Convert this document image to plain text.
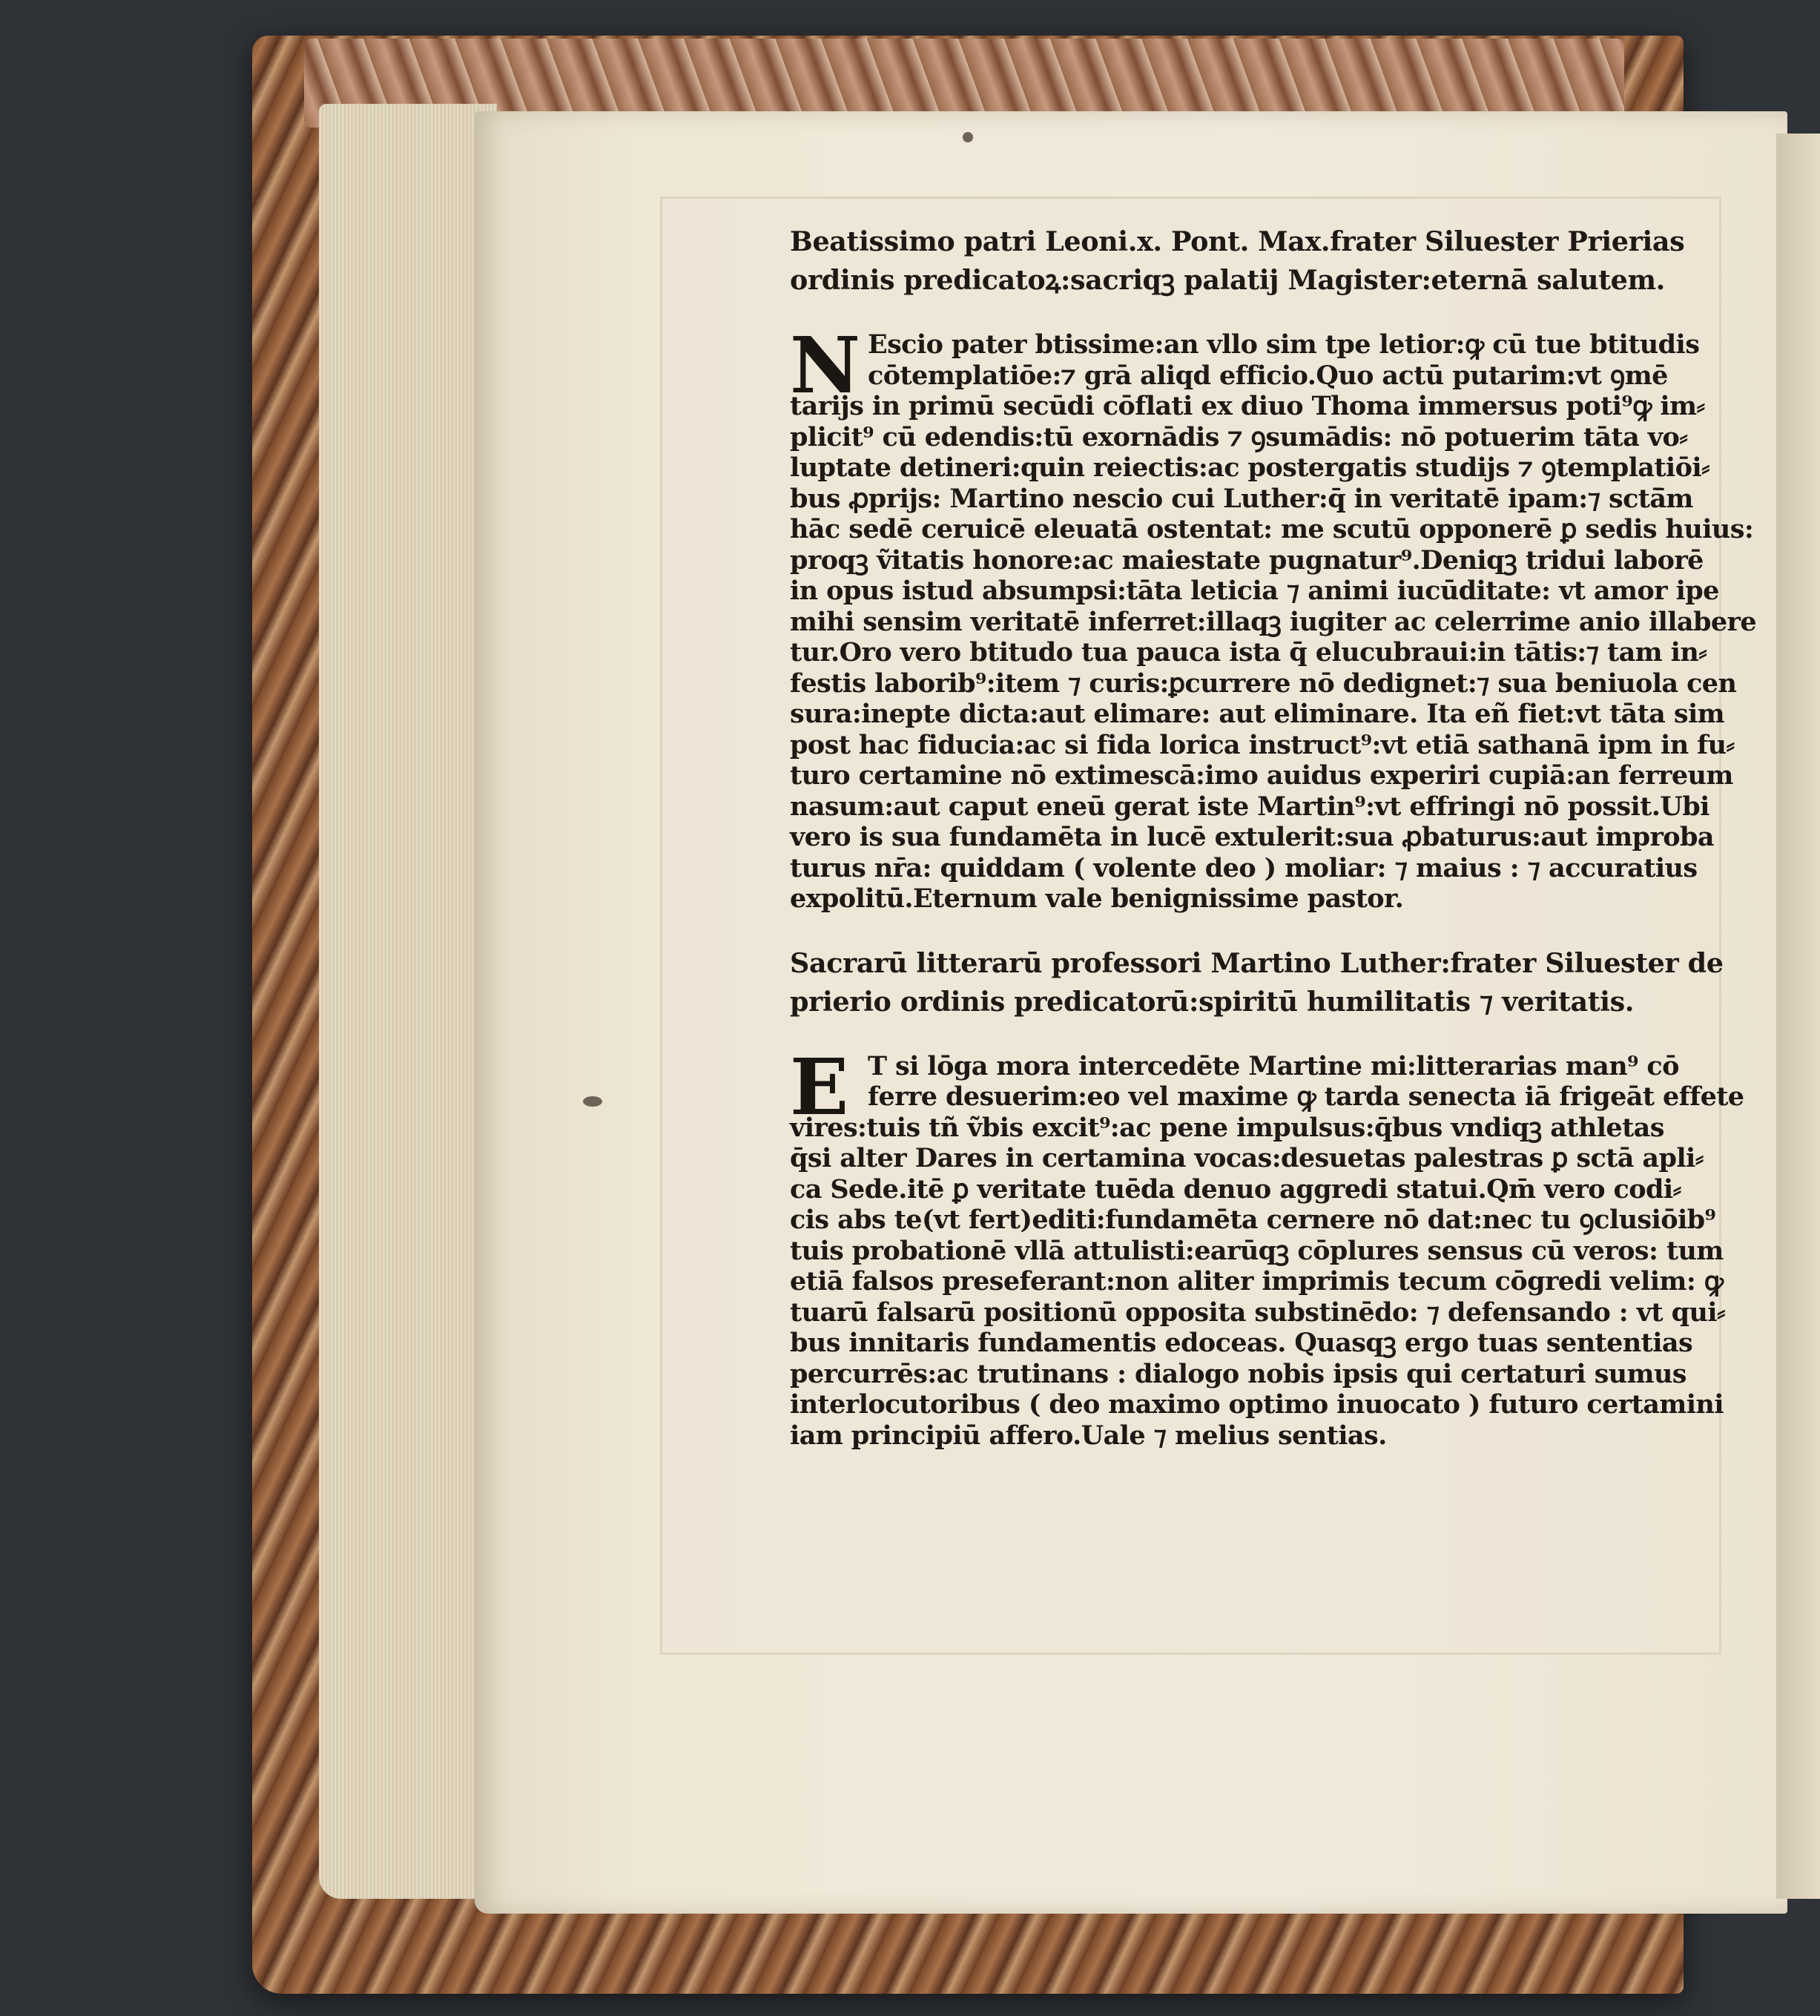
Beatissimo patri Leoni.x. Pont. Max.frater Siluester Prierias
ordinis predicatoꝝ:sacriqꝫ palatij Magister:eternā salutem.
N Escio pater btissime:an vllo sim tpe letior:ꝙ cū tue btitudis
cōtemplatiōe:⁊ grā aliqd efficio.Quo actū putarim:vt ꝯmē
tarijs in primū secūdi cōflati ex diuo Thoma immersus poti⁹ꝙ im⸗
plicit⁹ cū edendis:tū exornādis ⁊ ꝯsumādis: nō potuerim tāta vo⸗
luptate detineri:quin reiectis:ac postergatis studijs ⁊ ꝯtemplatiōi⸗
bus ꝓprijs: Martino nescio cui Luther:q̄ in veritatē ipam:⁊ sctā̄m
hāc sedē ceruicē eleuatā ostentat: me scutū opponerē ꝑ sedis huius:
proqꝫ ṽitatis honore:ac maiestate pugnatur⁹.Deniqꝫ tridui laborē
in opus istud absumpsi:tāta leticia ⁊ animi iucūditate: vt amor ipe
mihi sensim veritatē inferret:illaqꝫ iugiter ac celerrime anio illabere
tur.Oro vero btitudo tua pauca ista q̄ elucubraui:in tātis:⁊ tam in⸗
festis laborib⁹:item ⁊ curis:ꝑcurrere nō dedignet:⁊ sua beniuola cen
sura:inepte dicta:aut elimare: aut eliminare. Ita eñ fiet:vt tāta sim
post hac fiducia:ac si fida lorica instruct⁹:vt etiā sathanā ipm in fu⸗
turo certamine nō extimescā:imo auidus experiri cupiā:an ferreum
nasum:aut caput eneū gerat iste Martin⁹:vt effringi nō possit.Ubi
vero is sua fundamēta in lucē extulerit:sua ꝓbaturus:aut improba
turus nr̄a: quiddam ( volente deo ) moliar: ⁊ maius : ⁊ accuratius
expolitū.Eternum vale benignissime pastor.
Sacrarū litterarū professori Martino Luther:frater Siluester de
prierio ordinis predicatorū:spiritū humilitatis ⁊ veritatis.
E T si lōga mora intercedēte Martine mi:litterarias man⁹ cō
ferre desuerim:eo vel maxime ꝙ tarda senecta iā frigeāt effete
vires:tuis tñ ṽbis excit⁹:ac pene impulsus:q̄bus vndiqꝫ athletas
q̄si alter Dares in certamina vocas:desuetas palestras ꝑ sctā apli⸗
ca Sede.itē ꝑ veritate tuēda denuo aggredi statui.Qm̄ vero codi⸗
cis abs te(vt fert)editi:fundamēta cernere nō dat:nec tu ꝯclusiōib⁹
tuis probationē vllā attulisti:earūqꝫ cōplures sensus cū veros: tum
etiā falsos preseferant:non aliter imprimis tecum cōgredi velim: ꝙ
tuarū falsarū positionū opposita substinēdo: ⁊ defensando : vt qui⸗
bus innitaris fundamentis edoceas. Quasqꝫ ergo tuas sententias
percurrēs:ac trutinans : dialogo nobis ipsis qui certaturi sumus
interlocutoribus ( deo maximo optimo inuocato ) futuro certamini
iam principiū affero.Uale ⁊ melius sentias.
